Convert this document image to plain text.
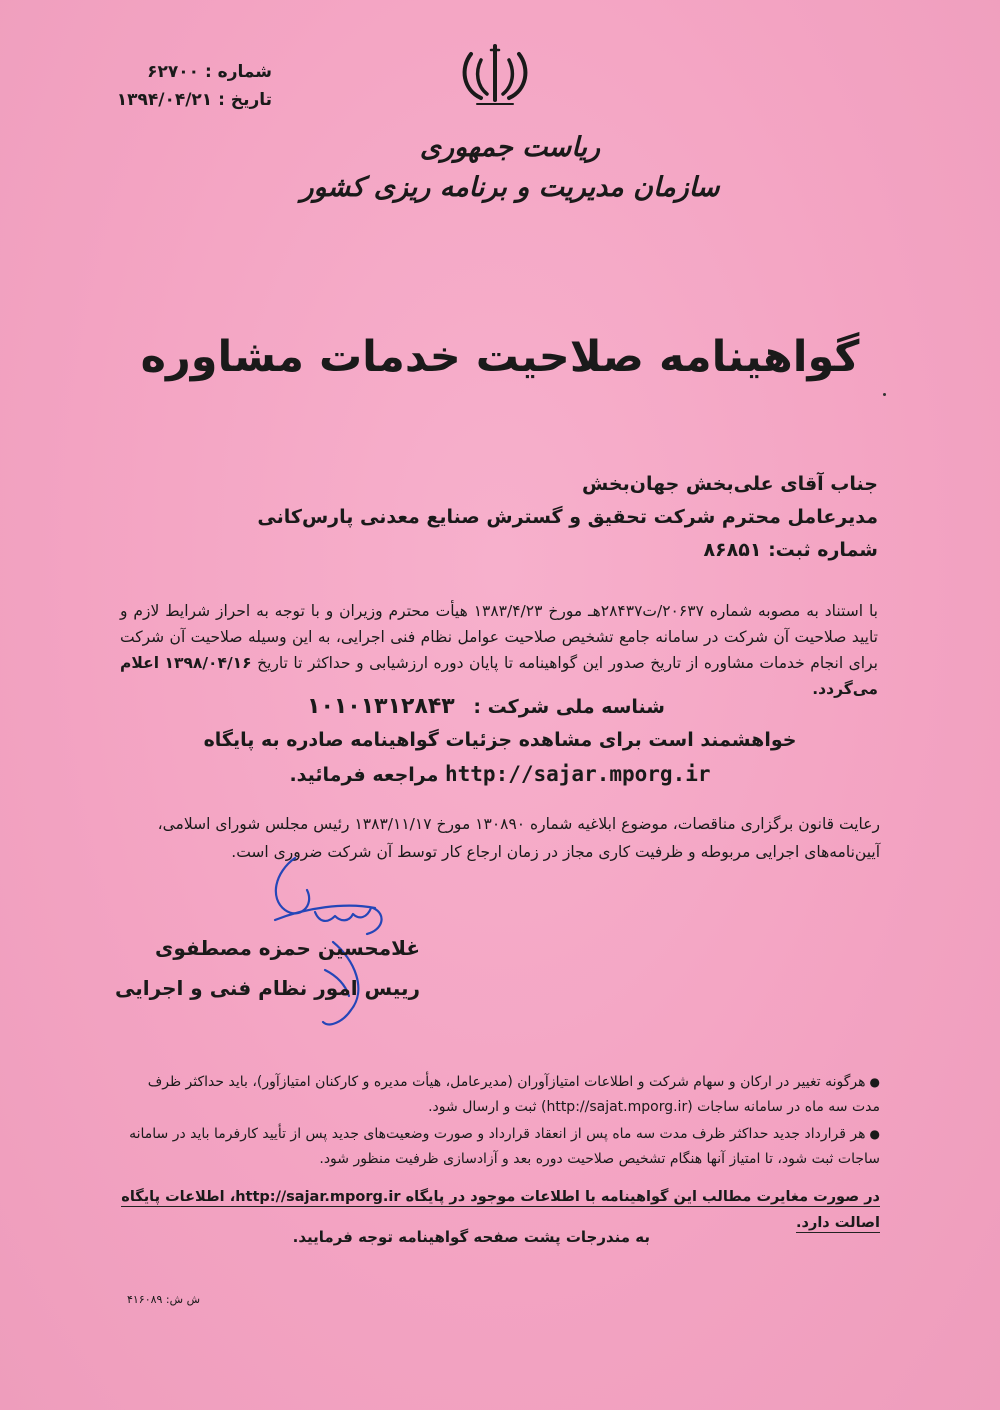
شماره : ۶۲۷۰۰
تاریخ : ۱۳۹۴/۰۴/۲۱
ریاست جمهوری
سازمان مدیریت و برنامه ریزی کشور
گواهینامه صلاحیت خدمات مشاوره
جناب آقای علی‌بخش جهان‌بخش
مدیرعامل محترم شرکت تحقیق و گسترش صنایع معدنی پارس‌کانی
شماره ثبت: ۸۶۸۵۱
با استناد به مصوبه شماره ۲۰۶۳۷/ت۲۸۴۳۷هـ مورخ ۱۳۸۳/۴/۲۳ هیأت محترم وزیران و با توجه به احراز شرایط لازم و تایید صلاحیت آن شرکت در سامانه جامع تشخیص صلاحیت عوامل نظام فنی اجرایی، به این وسیله صلاحیت آن شرکت برای انجام خدمات مشاوره از تاریخ صدور این گواهینامه تا پایان دوره ارزشیابی و حداکثر تا تاریخ ۱۳۹۸/۰۴/۱۶ اعلام می‌گردد.
شناسه ملی شرکت : ۱۰۱۰۱۳۱۲۸۴۳
خواهشمند است برای مشاهده جزئیات گواهینامه صادره به پایگاه
http://sajar.mporg.ir مراجعه فرمائید.
رعایت قانون برگزاری مناقصات، موضوع ابلاغیه شماره ۱۳۰۸۹۰ مورخ ۱۳۸۳/۱۱/۱۷ رئیس مجلس شورای اسلامی،
آیین‌نامه‌های اجرایی مربوطه و ظرفیت کاری مجاز در زمان ارجاع کار توسط آن شرکت ضروری است.
غلامحسین حمزه مصطفوی
رییس امور نظام فنی و اجرایی
●هرگونه تغییر در ارکان و سهام شرکت و اطلاعات امتیازآوران (مدیرعامل، هیأت مدیره و کارکنان امتیازآور)، باید حداکثر ظرف مدت سه ماه در سامانه ساجات (http://sajat.mporg.ir) ثبت و ارسال شود.
●هر قرارداد جدید حداکثر ظرف مدت سه ماه پس از انعقاد قرارداد و صورت وضعیت‌های جدید پس از تأیید کارفرما باید در سامانه ساجات ثبت شود، تا امتیاز آنها هنگام تشخیص صلاحیت دوره بعد و آزادسازی ظرفیت منظور شود.
در صورت مغایرت مطالب این گواهینامه با اطلاعات موجود در پایگاه http://sajar.mporg.ir، اطلاعات پایگاه اصالت دارد.
به مندرجات پشت صفحه گواهینامه توجه فرمایید.
ش ش: ۴۱۶۰۸۹
